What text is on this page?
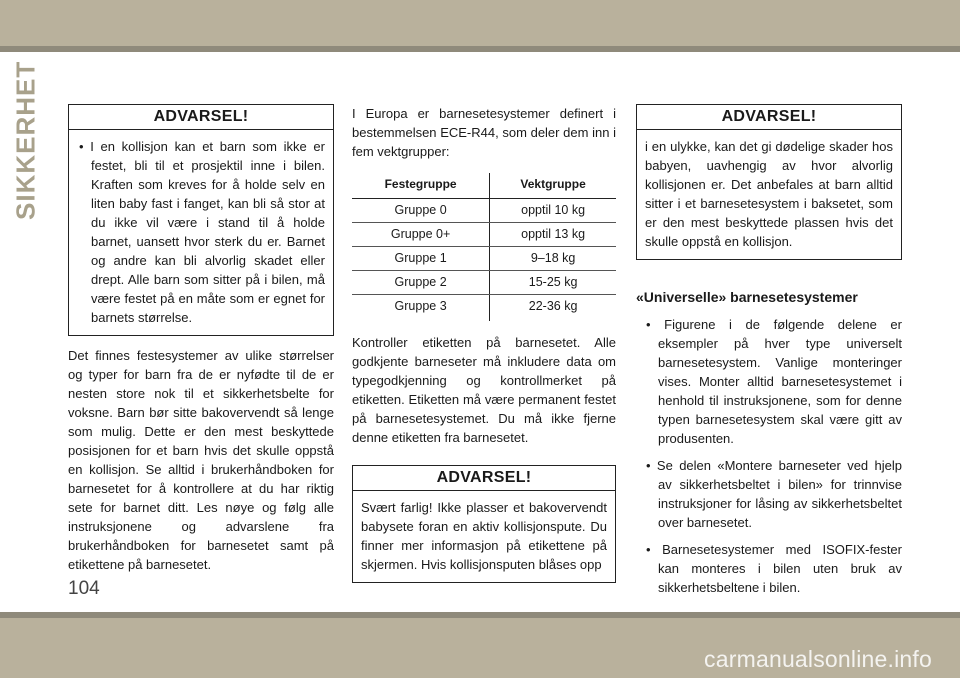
SIKKERHET	ADVARSEL!
• I en kollisjon kan et barn som ikke er festet, bli til et prosjektil inne i bilen. Kraften som kreves for å holde selv en liten baby fast i fanget, kan bli så stor at du ikke vil være i stand til å holde barnet, uansett hvor sterk du er. Barnet og andre kan bli alvorlig skadet eller drept. Alle barn som sitter på i bilen, må være festet på en måte som er egnet for barnets størrelse.

Det finnes festesystemer av ulike størrelser og typer for barn fra de er nyfødte til de er nesten store nok til et sikkerhetsbelte for voksne. Barn bør sitte bakovervendt så lenge som mulig. Dette er den mest beskyttede posisjonen for et barn hvis det skulle oppstå en kollisjon. Se alltid i brukerhåndboken for barnesetet for å kontrollere at du har riktig sete for barnet ditt. Les nøye og følg alle instruksjonene og advarslene fra brukerhåndboken for barnesetet samt på etikettene på barnesetet.

I Europa er barnesetesystemer definert i bestemmelsen ECE-R44, som deler dem inn i fem vektgrupper:

Festegruppe	Vektgruppe
Gruppe 0	opptil 10 kg
Gruppe 0+	opptil 13 kg
Gruppe 1	9–18 kg
Gruppe 2	15-25 kg
Gruppe 3	22-36 kg

Kontroller etiketten på barnesetet. Alle godkjente barneseter må inkludere data om typegodkjenning og kontrollmerket på etiketten. Etiketten må være permanent festet på barnesetesystemet. Du må ikke fjerne denne etiketten fra barnesetet.

ADVARSEL!
Svært farlig! Ikke plasser et bakovervendt babysete foran en aktiv kollisjonspute. Du finner mer informasjon på etikettene på skjermen. Hvis kollisjonsputen blåses opp
ADVARSEL!
i en ulykke, kan det gi dødelige skader hos babyen, uavhengig av hvor alvorlig kollisjonen er. Det anbefales at barn alltid sitter i et barnesetesystem i baksetet, som er den mest beskyttede plassen hvis det skulle oppstå en kollisjon.
«Universelle» barnesetesystemer
• Figurene i de følgende delene er eksempler på hver type universelt barnesetesystem. Vanlige monteringer vises. Monter alltid barnesetesystemet i henhold til instruksjonene, som for denne typen barnesetesystem skal være gitt av produsenten.
• Se delen «Montere barneseter ved hjelp av sikkerhetsbeltet i bilen» for trinnvise instruksjoner for låsing av sikkerhetsbeltet over barnesetet.
• Barnesetesystemer med ISOFIX-fester kan monteres i bilen uten bruk av sikkerhetsbeltene i bilen.
104
carmanualsonline.info
